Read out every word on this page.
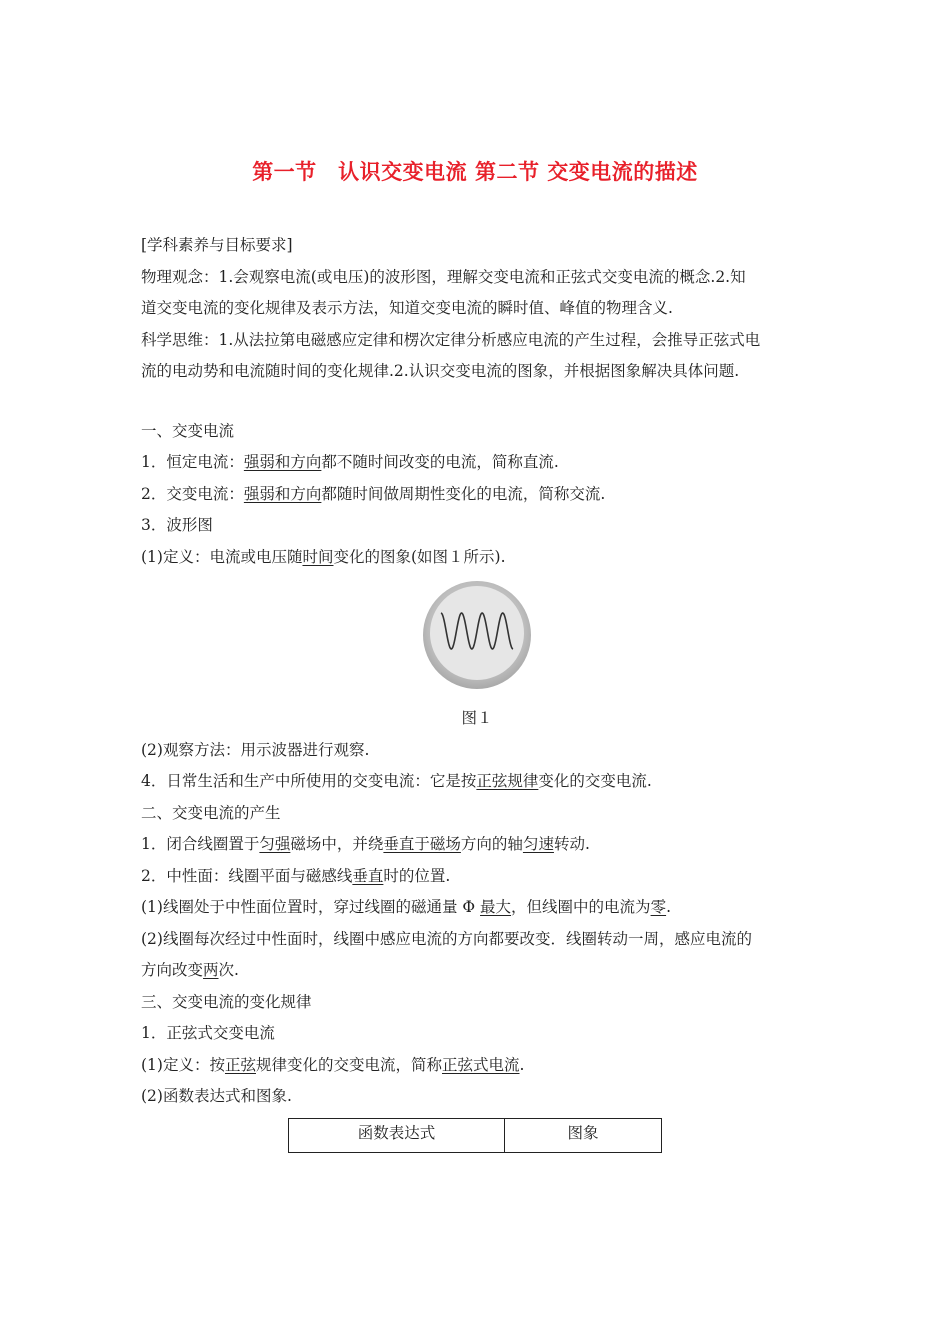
第一节　认识交变电流 第二节 交变电流的描述

[学科素养与目标要求]

物理观念：1.会观察电流(或电压)的波形图，理解交变电流和正弦式交变电流的概念.2.知

道交变电流的变化规律及表示方法，知道交变电流的瞬时值、峰值的物理含义.

科学思维：1.从法拉第电磁感应定律和楞次定律分析感应电流的产生过程，会推导正弦式电

流的电动势和电流随时间的变化规律.2.认识交变电流的图象，并根据图象解决具体问题.

一、交变电流

1．恒定电流：强弱和方向都不随时间改变的电流，简称直流.

2．交变电流：强弱和方向都随时间做周期性变化的电流，简称交流.

3．波形图

(1)定义：电流或电压随时间变化的图象(如图１所示).

图１

(2)观察方法：用示波器进行观察.

4．日常生活和生产中所使用的交变电流：它是按正弦规律变化的交变电流.

二、交变电流的产生

1．闭合线圈置于匀强磁场中，并绕垂直于磁场方向的轴匀速转动.

2．中性面：线圈平面与磁感线垂直时的位置.

(1)线圈处于中性面位置时，穿过线圈的磁通量 Φ 最大，但线圈中的电流为零.

(2)线圈每次经过中性面时，线圈中感应电流的方向都要改变．线圈转动一周，感应电流的

方向改变两次.

三、交变电流的变化规律

1．正弦式交变电流

(1)定义：按正弦规律变化的交变电流，简称正弦式电流.

(2)函数表达式和图象.

函数表达式	图象
